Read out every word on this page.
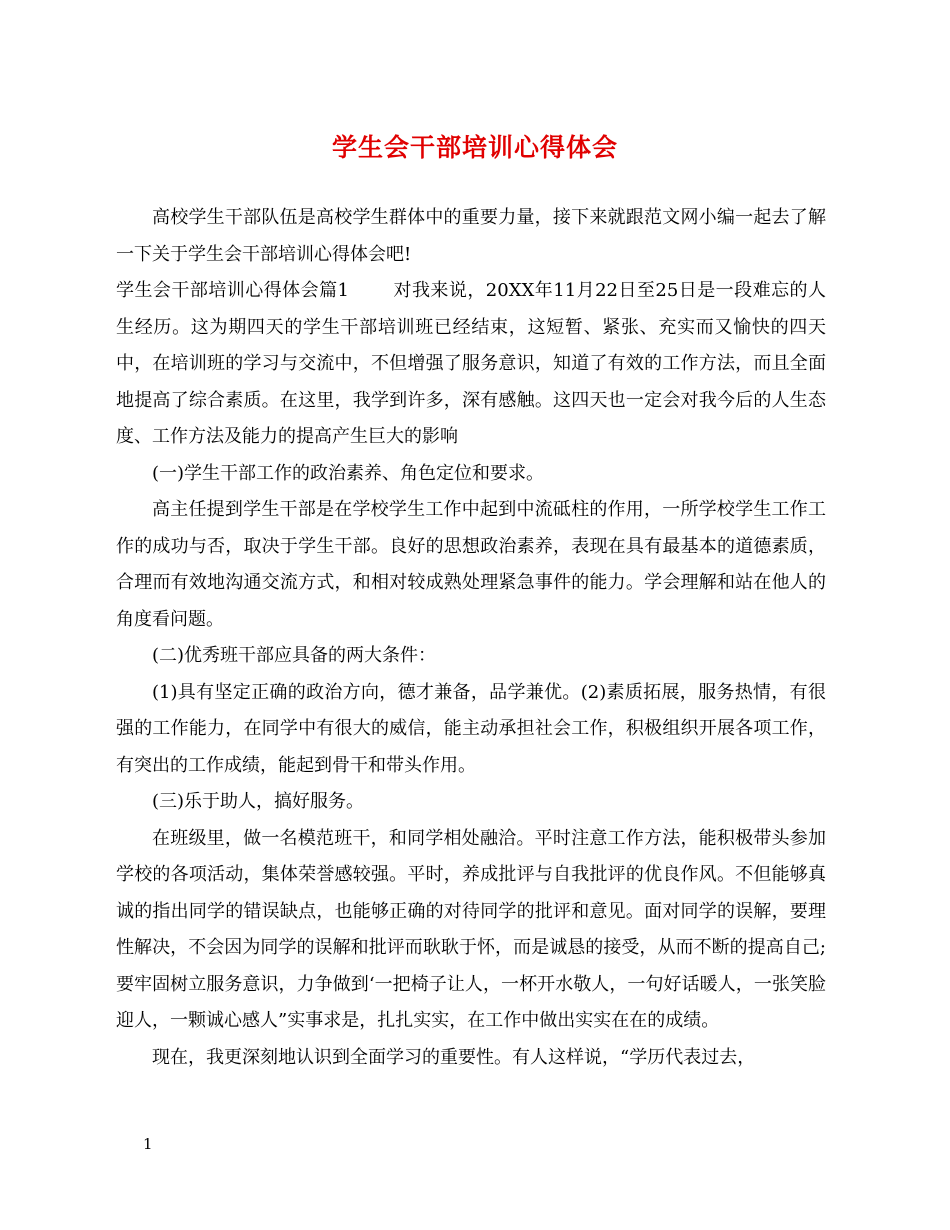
学生会干部培训心得体会

高校学生干部队伍是高校学生群体中的重要力量，接下来就跟范文网小编一起去了解一下关于学生会干部培训心得体会吧!

学生会干部培训心得体会篇1 对我来说，20XX年11月22日至25日是一段难忘的人生经历。这为期四天的学生干部培训班已经结束，这短暂、紧张、充实而又愉快的四天中，在培训班的学习与交流中，不但增强了服务意识，知道了有效的工作方法，而且全面地提高了综合素质。在这里，我学到许多，深有感触。这四天也一定会对我今后的人生态度、工作方法及能力的提高产生巨大的影响

(一)学生干部工作的政治素养、角色定位和要求。

高主任提到学生干部是在学校学生工作中起到中流砥柱的作用，一所学校学生工作工作的成功与否，取决于学生干部。良好的思想政治素养，表现在具有最基本的道德素质，合理而有效地沟通交流方式，和相对较成熟处理紧急事件的能力。学会理解和站在他人的角度看问题。

(二)优秀班干部应具备的两大条件：

(1)具有坚定正确的政治方向，德才兼备，品学兼优。(2)素质拓展，服务热情，有很强的工作能力，在同学中有很大的威信，能主动承担社会工作，积极组织开展各项工作，有突出的工作成绩，能起到骨干和带头作用。

(三)乐于助人，搞好服务。

在班级里，做一名模范班干，和同学相处融洽。平时注意工作方法，能积极带头参加学校的各项活动，集体荣誉感较强。平时，养成批评与自我批评的优良作风。不但能够真诚的指出同学的错误缺点，也能够正确的对待同学的批评和意见。面对同学的误解，要理性解决，不会因为同学的误解和批评而耿耿于怀，而是诚恳的接受，从而不断的提高自己;要牢固树立服务意识，力争做到‘一把椅子让人，一杯开水敬人，一句好话暖人，一张笑脸迎人，一颗诚心感人”实事求是，扎扎实实，在工作中做出实实在在的成绩。

现在，我更深刻地认识到全面学习的重要性。有人这样说，“学历代表过去，

1
